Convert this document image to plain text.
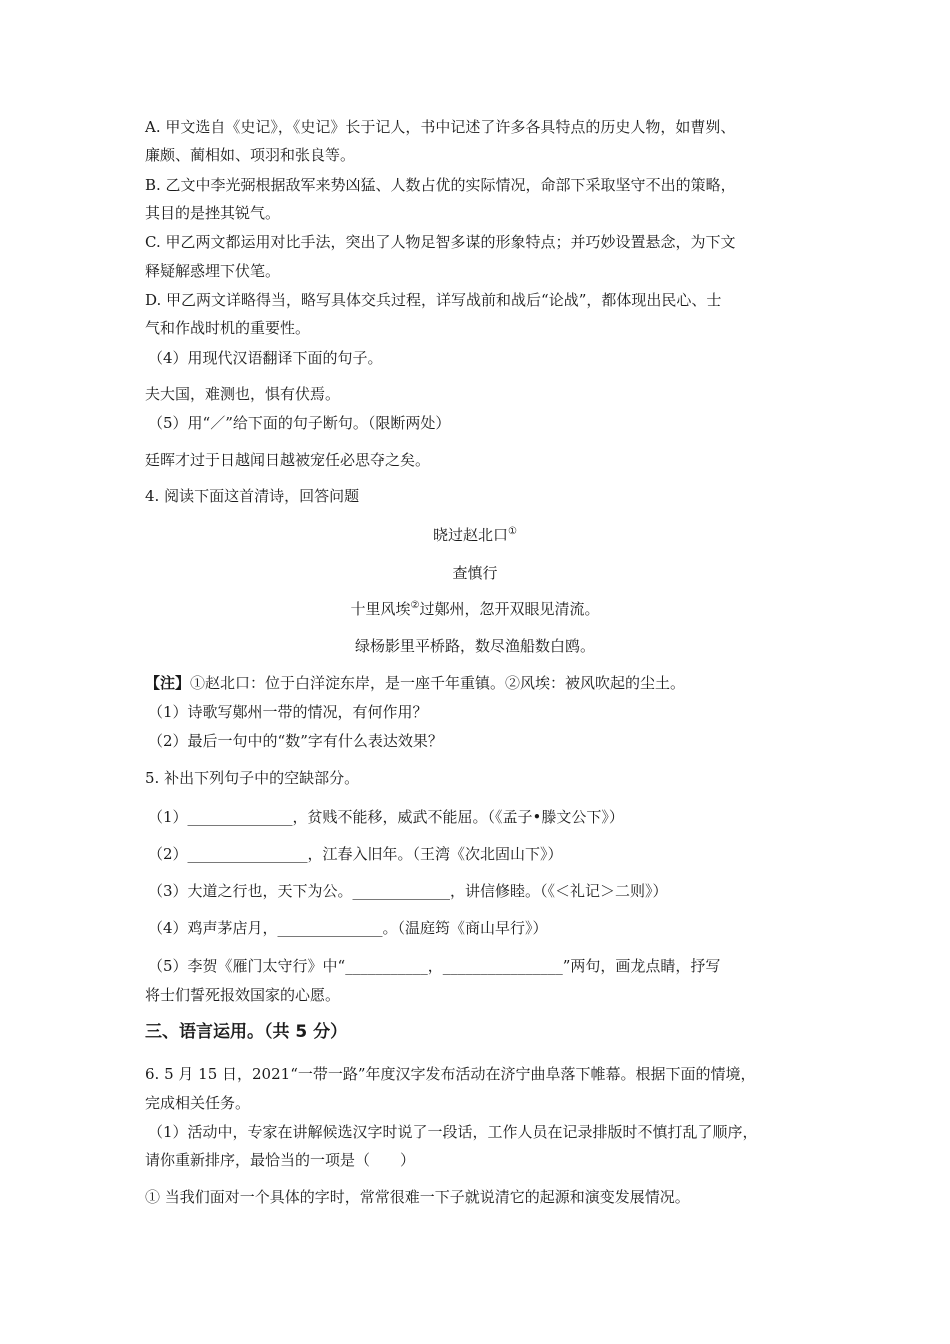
A. 甲文选自《史记》，《史记》长于记人，书中记述了许多各具特点的历史人物，如曹刿、
廉颇、蔺相如、项羽和张良等。
B. 乙文中李光弼根据敌军来势凶猛、人数占优的实际情况，命部下采取坚守不出的策略，
其目的是挫其锐气。
C. 甲乙两文都运用对比手法，突出了人物足智多谋的形象特点；并巧妙设置悬念，为下文
释疑解惑埋下伏笔。
D. 甲乙两文详略得当，略写具体交兵过程，详写战前和战后“论战”，都体现出民心、士
气和作战时机的重要性。
（4）用现代汉语翻译下面的句子。
夫大国，难测也，惧有伏焉。
（5）用“／”给下面的句子断句。（限断两处）
廷晖才过于日越闻日越被宠任必思夺之矣。
4. 阅读下面这首清诗，回答问题
晓过赵北口①
查慎行
十里风埃②过鄚州，忽开双眼见清流。
绿杨影里平桥路，数尽渔船数白鸥。
【注】①赵北口：位于白洋淀东岸，是一座千年重镇。②风埃：被风吹起的尘土。
（1）诗歌写鄚州一带的情况，有何作用？
（2）最后一句中的“数”字有什么表达效果？
5. 补出下列句子中的空缺部分。
（1）______________，贫贱不能移，威武不能屈。（《孟子•滕文公下》）
（2）________________，江春入旧年。（王湾《次北固山下》）
（3）大道之行也，天下为公。_____________，讲信修睦。（《＜礼记＞二则》）
（4）鸡声茅店月，______________。（温庭筠《商山早行》）
（5）李贺《雁门太守行》中“___________，________________”两句，画龙点睛，抒写
将士们誓死报效国家的心愿。
三、语言运用。（共 5 分）
6. 5 月 15 日，2021“一带一路”年度汉字发布活动在济宁曲阜落下帷幕。根据下面的情境，
完成相关任务。
（1）活动中，专家在讲解候选汉字时说了一段话，工作人员在记录排版时不慎打乱了顺序，
请你重新排序，最恰当的一项是（　　）
① 当我们面对一个具体的字时，常常很难一下子就说清它的起源和演变发展情况。
